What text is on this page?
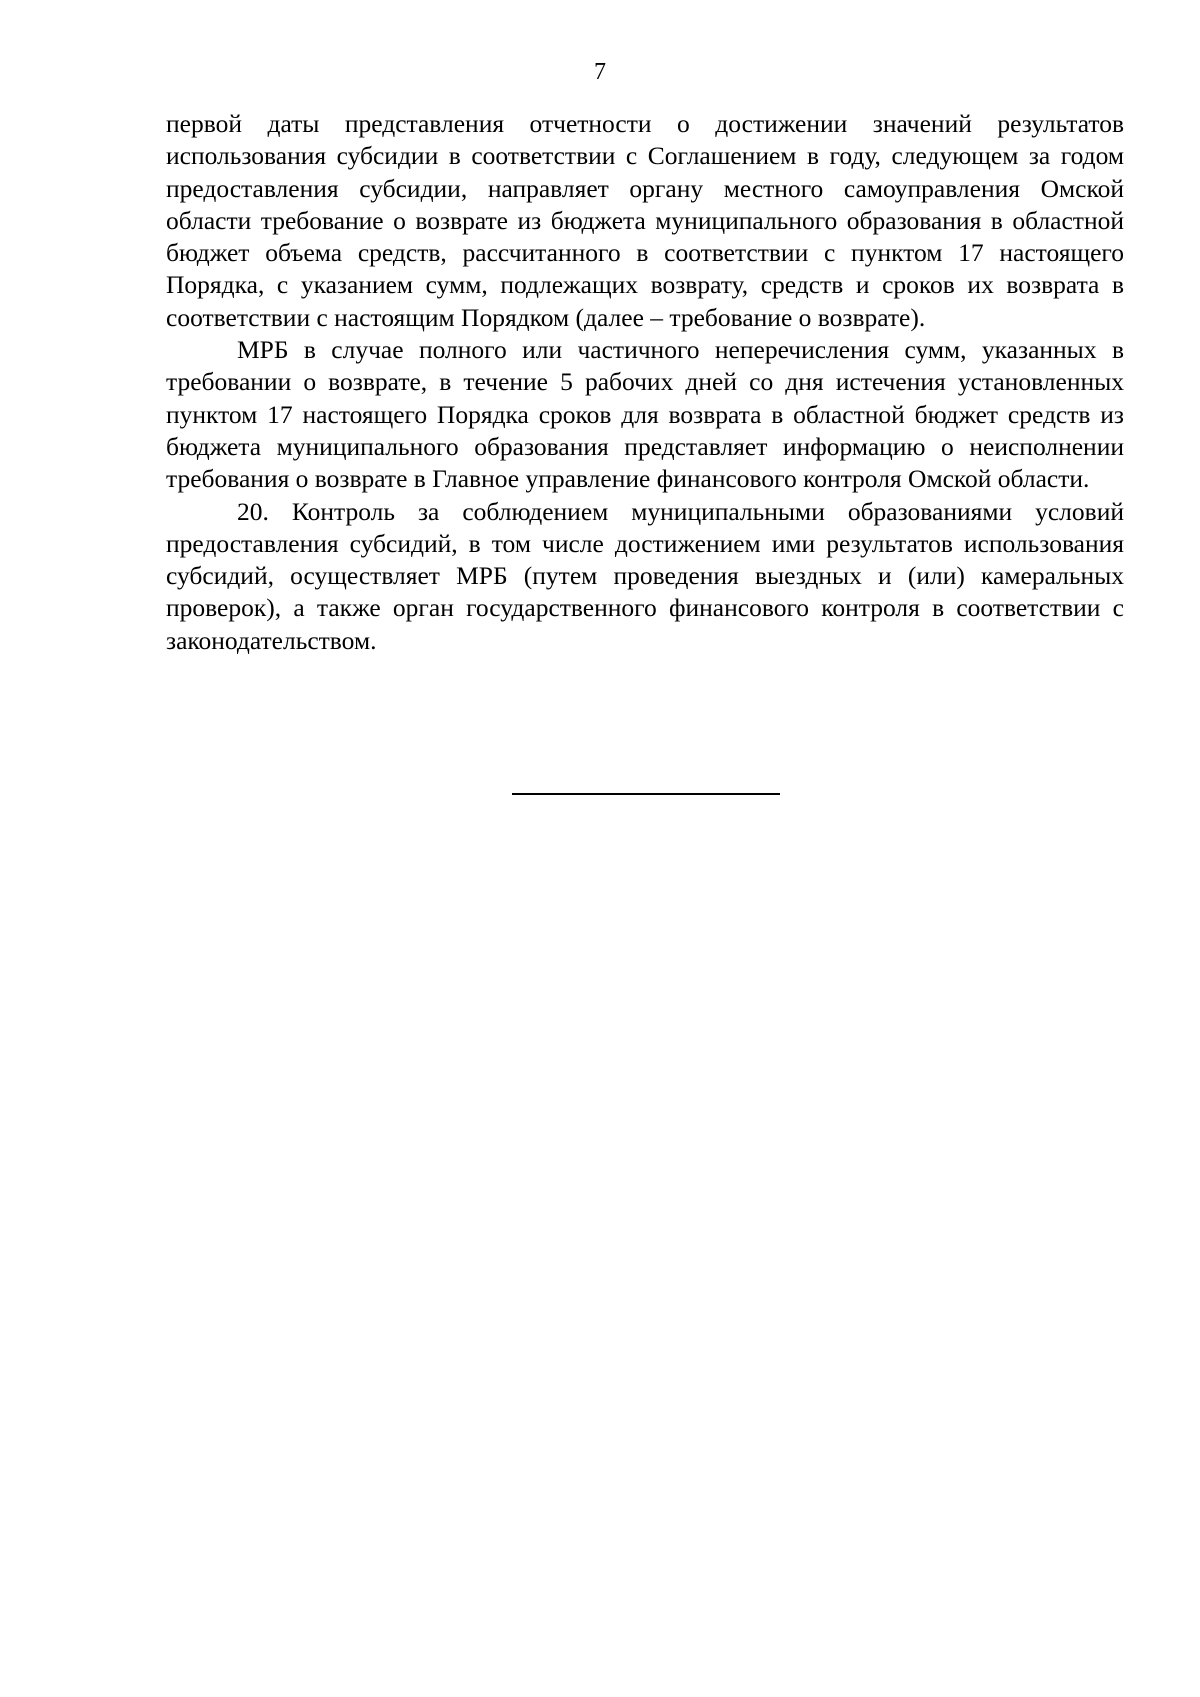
7

первой даты представления отчетности о достижении значений результатов использования субсидии в соответствии с Соглашением в году, следующем за годом предоставления субсидии, направляет органу местного самоуправления Омской области требование о возврате из бюджета муниципального образования в областной бюджет объема средств, рассчитанного в соответствии с пунктом 17 настоящего Порядка, с указанием сумм, подлежащих возврату, средств и сроков их возврата в соответствии с настоящим Порядком (далее – требование о возврате).

МРБ в случае полного или частичного неперечисления сумм, указанных в требовании о возврате, в течение 5 рабочих дней со дня истечения установленных пунктом 17 настоящего Порядка сроков для возврата в областной бюджет средств из бюджета муниципального образования представляет информацию о неисполнении требования о возврате в Главное управление финансового контроля Омской области.

20. Контроль за соблюдением муниципальными образованиями условий предоставления субсидий, в том числе достижением ими результатов использования субсидий, осуществляет МРБ (путем проведения выездных и (или) камеральных проверок), а также орган государственного финансового контроля в соответствии с законодательством.
